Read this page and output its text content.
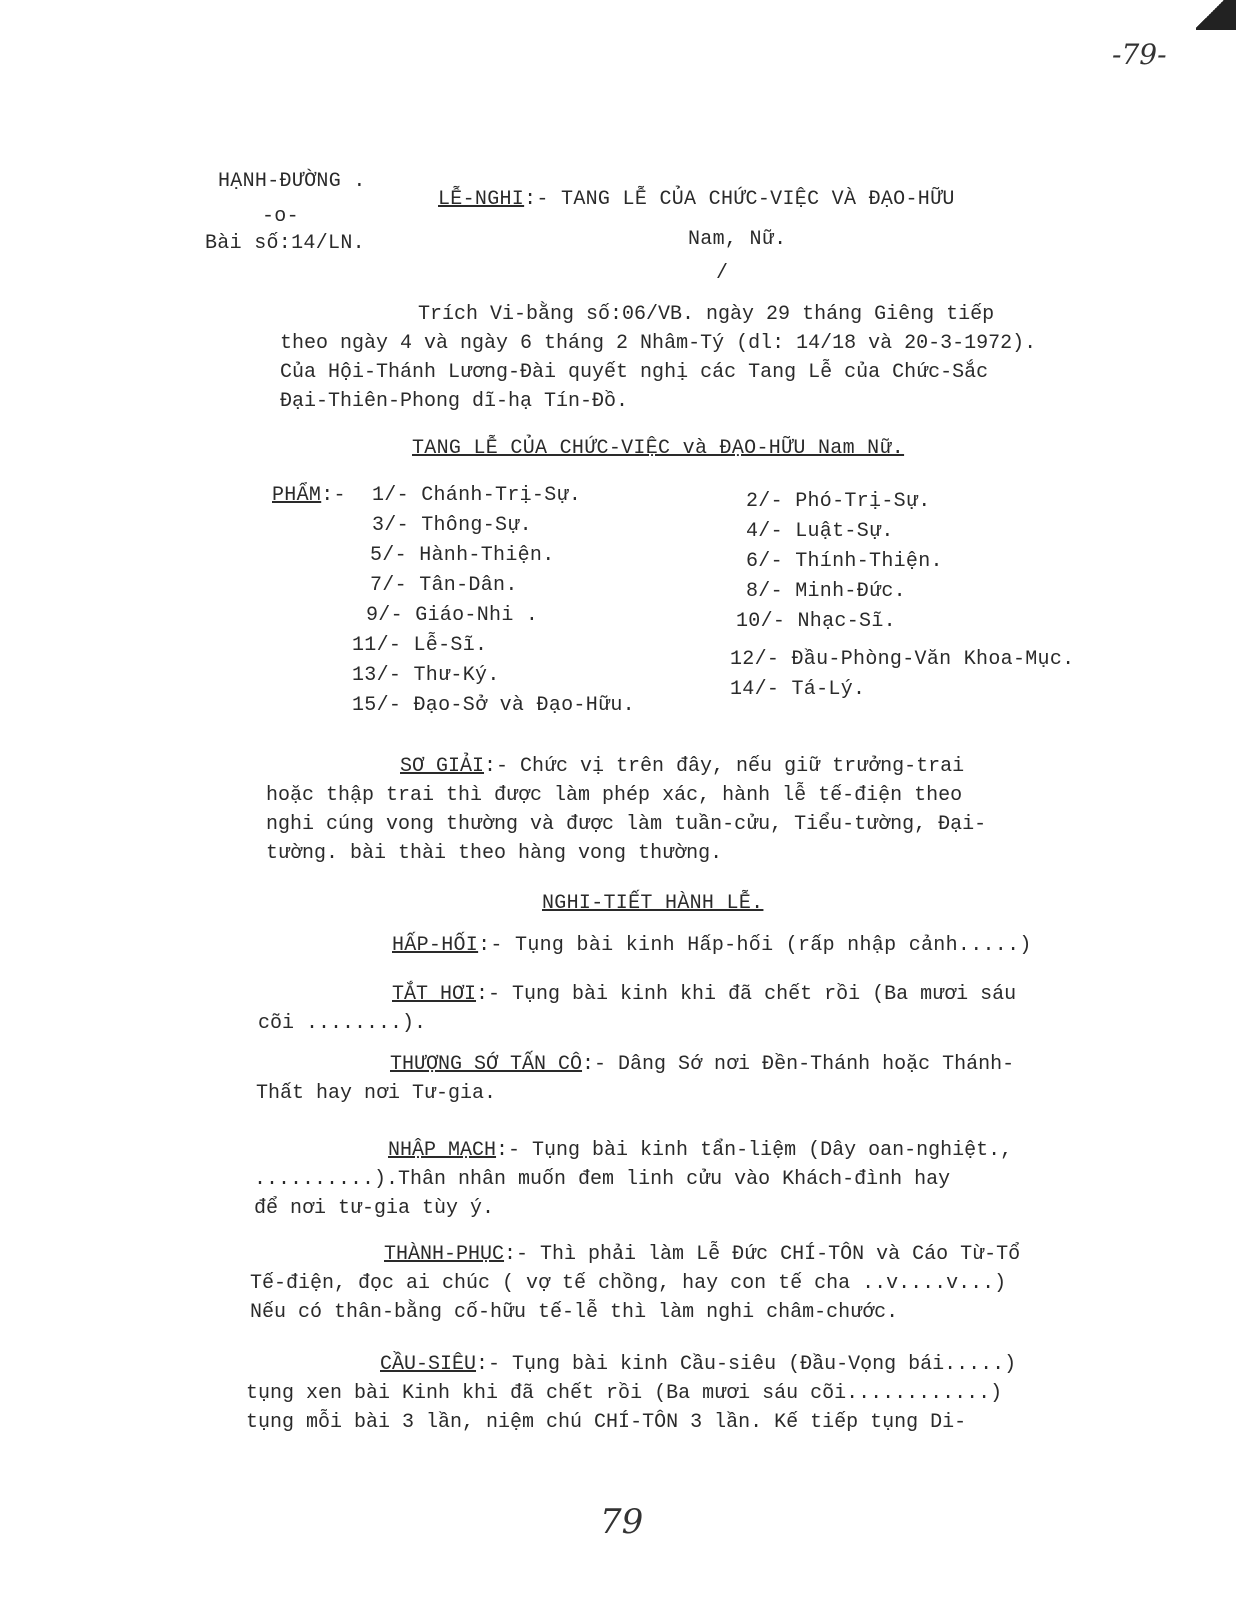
-79-
HẠNH-ĐƯỜNG .
-o-
Bài số:14/LN.
LỄ-NGHI:- TANG LỄ CỦA CHỨC-VIỆC VÀ ĐẠO-HỮU
Nam, Nữ.
/
Trích Vi-bằng số:06/VB. ngày 29 tháng Giêng tiếp
theo ngày 4 và ngày 6 tháng 2 Nhâm-Tý (dl: 14/18 và 20-3-1972).
Của Hội-Thánh Lương-Đài quyết nghị các Tang Lễ của Chức-Sắc
Đại-Thiên-Phong dĩ-hạ Tín-Đồ.
TANG LỄ CỦA CHỨC-VIỆC và ĐẠO-HỮU Nam Nữ.
PHẨM:- 1/- Chánh-Trị-Sự.
3/- Thông-Sự.
5/- Hành-Thiện.
7/- Tân-Dân.
9/- Giáo-Nhi .
11/- Lễ-Sĩ.
13/- Thư-Ký.
15/- Đạo-Sở và Đạo-Hữu.
2/- Phó-Trị-Sự.
4/- Luật-Sự.
6/- Thính-Thiện.
8/- Minh-Đức.
10/- Nhạc-Sĩ.
12/- Đầu-Phòng-Văn Khoa-Mục.
14/- Tá-Lý.
SƠ GIẢI:- Chức vị trên đây, nếu giữ trưởng-trai
hoặc thập trai thì được làm phép xác, hành lễ tế-điện theo
nghi cúng vong thường và được làm tuần-cửu, Tiểu-tường, Đại-
tường. bài thài theo hàng vong thường.
NGHI-TIẾT HÀNH LỄ.
HẤP-HỐI:- Tụng bài kinh Hấp-hối (rấp nhập cảnh.....)
TẮT HƠI:- Tụng bài kinh khi đã chết rồi (Ba mươi sáu
cõi ........).
THƯỢNG SỚ TẤN CÔ:- Dâng Sớ nơi Đền-Thánh hoặc Thánh-
Thất hay nơi Tư-gia.
NHẬP MẠCH:- Tụng bài kinh tẩn-liệm (Dây oan-nghiệt.,
..........).Thân nhân muốn đem linh cửu vào Khách-đình hay
để nơi tư-gia tùy ý.
THÀNH-PHỤC:- Thì phải làm Lễ Đức CHÍ-TÔN và Cáo Từ-Tổ
Tế-điện, đọc ai chúc ( vợ tế chồng, hay con tế cha ..v....v...)
Nếu có thân-bằng cố-hữu tế-lễ thì làm nghi châm-chước.
CẦU-SIÊU:- Tụng bài kinh Cầu-siêu (Đầu-Vọng bái.....)
tụng xen bài Kinh khi đã chết rồi (Ba mươi sáu cõi............)
tụng mỗi bài 3 lần, niệm chú CHÍ-TÔN 3 lần. Kế tiếp tụng Di-
79
